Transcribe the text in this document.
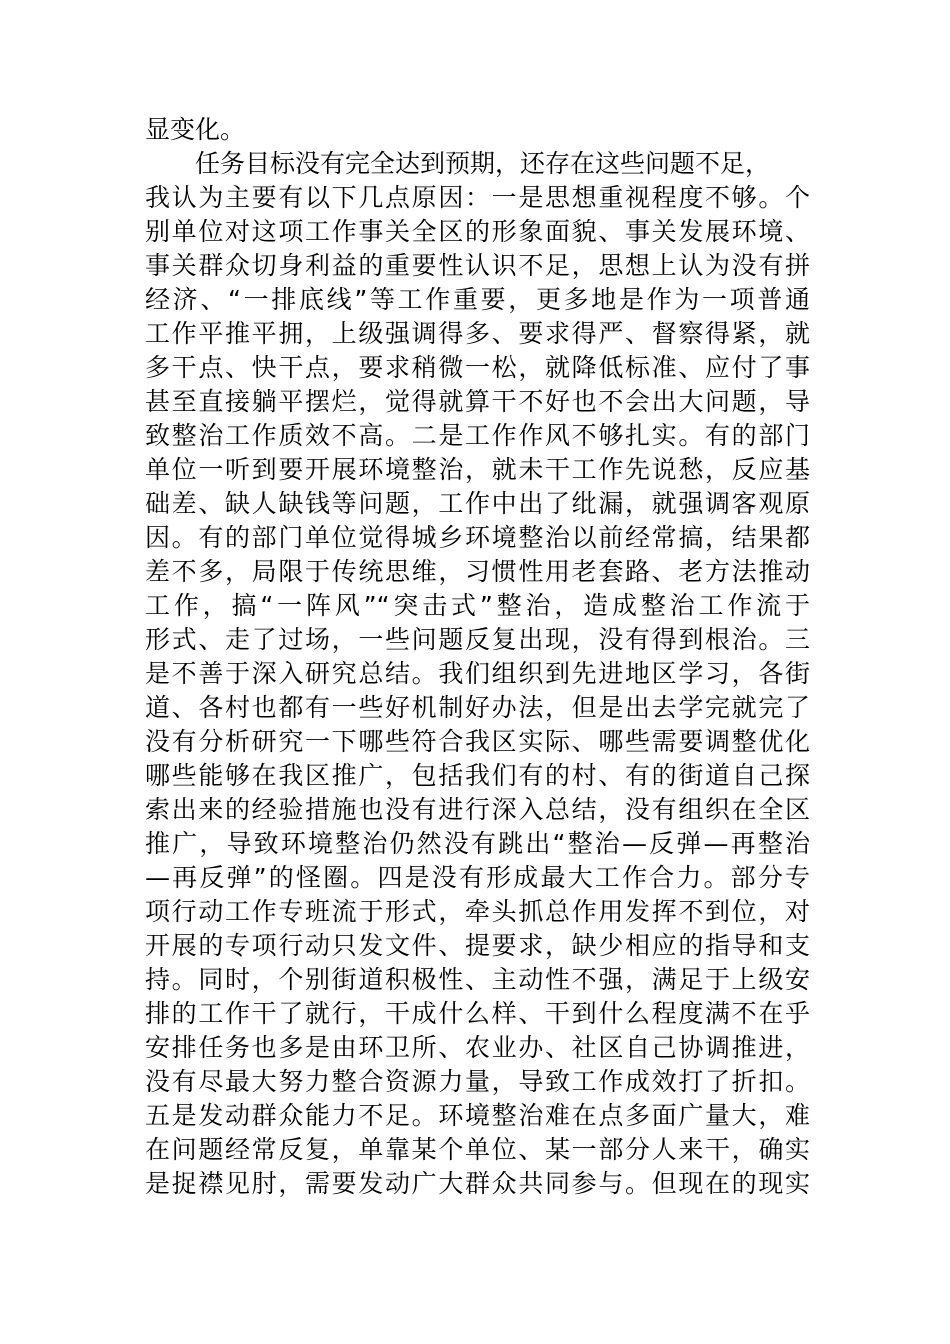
显变化。
任务目标没有完全达到预期，还存在这些问题不足，
我认为主要有以下几点原因：一是思想重视程度不够。个
别单位对这项工作事关全区的形象面貌、事关发展环境、
事关群众切身利益的重要性认识不足，思想上认为没有拼
经济、“一排底线”等工作重要，更多地是作为一项普通
工作平推平拥，上级强调得多、要求得严、督察得紧，就
多干点、快干点，要求稍微一松，就降低标准、应付了事
甚至直接躺平摆烂，觉得就算干不好也不会出大问题，导
致整治工作质效不高。二是工作作风不够扎实。有的部门
单位一听到要开展环境整治，就未干工作先说愁，反应基
础差、缺人缺钱等问题，工作中出了纰漏，就强调客观原
因。有的部门单位觉得城乡环境整治以前经常搞，结果都
差不多，局限于传统思维，习惯性用老套路、老方法推动
工作，搞“一阵风”“突击式”整治，造成整治工作流于
形式、走了过场，一些问题反复出现，没有得到根治。三
是不善于深入研究总结。我们组织到先进地区学习，各街
道、各村也都有一些好机制好办法，但是出去学完就完了
没有分析研究一下哪些符合我区实际、哪些需要调整优化
哪些能够在我区推广，包括我们有的村、有的街道自己探
索出来的经验措施也没有进行深入总结，没有组织在全区
推广，导致环境整治仍然没有跳出“整治—反弹—再整治
—再反弹”的怪圈。四是没有形成最大工作合力。部分专
项行动工作专班流于形式，牵头抓总作用发挥不到位，对
开展的专项行动只发文件、提要求，缺少相应的指导和支
持。同时，个别街道积极性、主动性不强，满足于上级安
排的工作干了就行，干成什么样、干到什么程度满不在乎
安排任务也多是由环卫所、农业办、社区自己协调推进，
没有尽最大努力整合资源力量，导致工作成效打了折扣。
五是发动群众能力不足。环境整治难在点多面广量大，难
在问题经常反复，单靠某个单位、某一部分人来干，确实
是捉襟见肘，需要发动广大群众共同参与。但现在的现实
